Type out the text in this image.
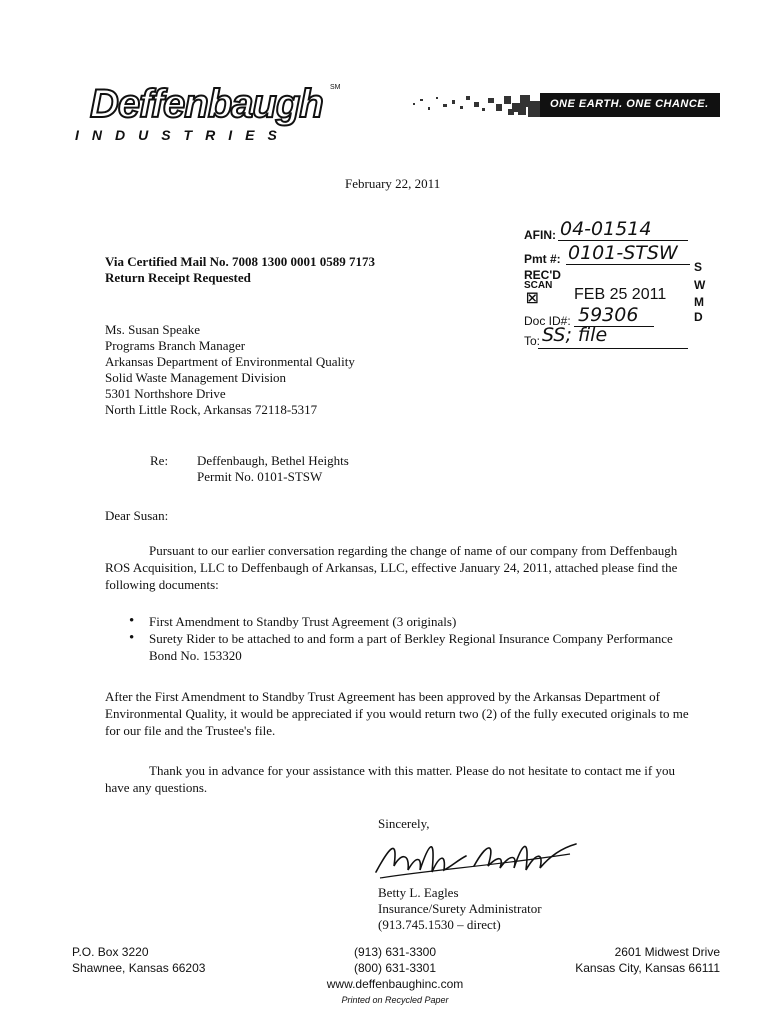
Deffenbaugh SM
INDUSTRIES
ONE EARTH. ONE CHANCE.
February 22, 2011
Via Certified Mail No. 7008 1300 0001 0589 7173
Return Receipt Requested
AFIN: 04-01514
Pmt #: 0101-STSW
REC'D
SCAN
☒ FEB 25 2011
Doc ID#: 59306
To: SS; file
S
W
M
D
Ms. Susan Speake
Programs Branch Manager
Arkansas Department of Environmental Quality
Solid Waste Management Division
5301 Northshore Drive
North Little Rock, Arkansas 72118-5317
Re: Deffenbaugh, Bethel Heights
Permit No. 0101-STSW
Dear Susan:
Pursuant to our earlier conversation regarding the change of name of our company from Deffenbaugh ROS Acquisition, LLC to Deffenbaugh of Arkansas, LLC, effective January 24, 2011, attached please find the following documents:
• First Amendment to Standby Trust Agreement (3 originals)
• Surety Rider to be attached to and form a part of Berkley Regional Insurance Company Performance Bond No. 153320
After the First Amendment to Standby Trust Agreement has been approved by the Arkansas Department of Environmental Quality, it would be appreciated if you would return two (2) of the fully executed originals to me for our file and the Trustee's file.
Thank you in advance for your assistance with this matter. Please do not hesitate to contact me if you have any questions.
Sincerely,
Betty L. Eagles
Insurance/Surety Administrator
(913.745.1530 – direct)
P.O. Box 3220
Shawnee, Kansas 66203
(913) 631-3300
(800) 631-3301
www.deffenbaughinc.com
Printed on Recycled Paper
2601 Midwest Drive
Kansas City, Kansas 66111
